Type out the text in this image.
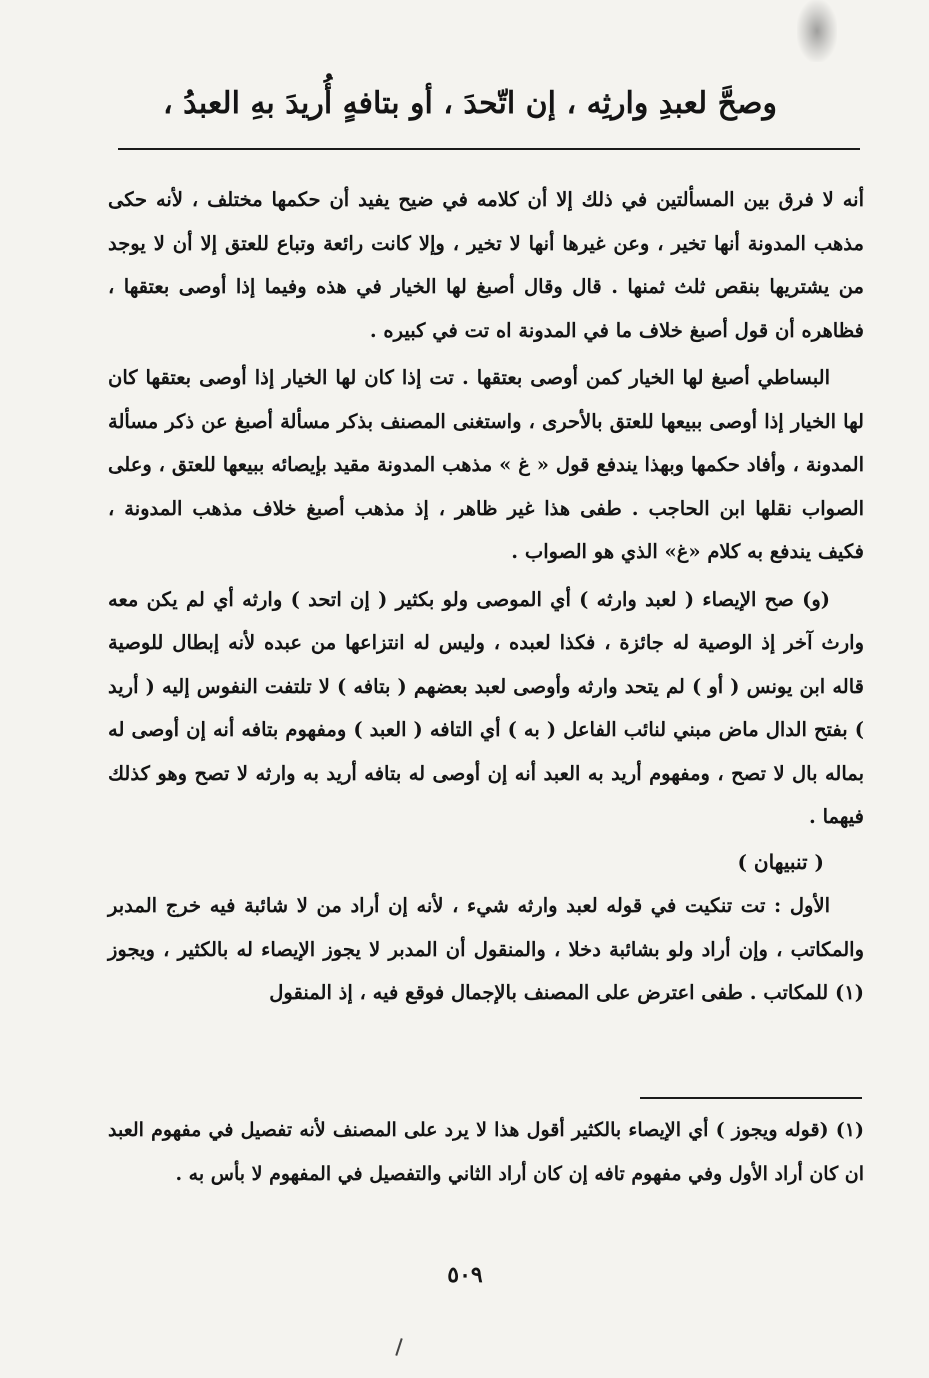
وصحَّ لعبدِ وارثِه ، إن اتّحدَ ، أو بتافهٍ أُريدَ بهِ العبدُ ،

أنه لا فرق بين المسألتين في ذلك إلا أن كلامه في ضيح يفيد أن حكمها مختلف ، لأنه حكى مذهب المدونة أنها تخير ، وعن غيرها أنها لا تخير ، وإلا كانت رائعة وتباع للعتق إلا أن لا يوجد من يشتريها بنقص ثلث ثمنها . قال وقال أصبغ لها الخيار في هذه وفيما إذا أوصى بعتقها ، فظاهره أن قول أصبغ خلاف ما في المدونة اه تت في كبيره .

البساطي أصبغ لها الخيار كمن أوصى بعتقها . تت إذا كان لها الخيار إذا أوصى بعتقها كان لها الخيار إذا أوصى ببيعها للعتق بالأحرى ، واستغنى المصنف بذكر مسألة أصبغ عن ذكر مسألة المدونة ، وأفاد حكمها وبهذا يندفع قول « غ » مذهب المدونة مقيد بإيصائه ببيعها للعتق ، وعلى الصواب نقلها ابن الحاجب . طفى هذا غير ظاهر ، إذ مذهب أصبغ خلاف مذهب المدونة ، فكيف يندفع به كلام «غ» الذي هو الصواب .

(و) صح الإيصاء ( لعبد وارثه ) أي الموصى ولو بكثير ( إن اتحد ) وارثه أي لم يكن معه وارث آخر إذ الوصية له جائزة ، فكذا لعبده ، وليس له انتزاعها من عبده لأنه إبطال للوصية قاله ابن يونس ( أو ) لم يتحد وارثه وأوصى لعبد بعضهم ( بتافه ) لا تلتفت النفوس إليه ( أريد ) بفتح الدال ماض مبني لنائب الفاعل ( به ) أي التافه ( العبد ) ومفهوم بتافه أنه إن أوصى له بماله بال لا تصح ، ومفهوم أريد به العبد أنه إن أوصى له بتافه أريد به وارثه لا تصح وهو كذلك فيهما .

( تنبيهان )

الأول : تت تنكيت في قوله لعبد وارثه شيء ، لأنه إن أراد من لا شائبة فيه خرج المدبر والمكاتب ، وإن أراد ولو بشائبة دخلا ، والمنقول أن المدبر لا يجوز الإيصاء له بالكثير ، ويجوز (١) للمكاتب . طفى اعترض على المصنف بالإجمال فوقع فيه ، إذ المنقول

(١) (قوله ويجوز ) أي الإيصاء بالكثير أقول هذا لا يرد على المصنف لأنه تفصيل في مفهوم العبد ان كان أراد الأول وفي مفهوم تافه إن كان أراد الثاني والتفصيل في المفهوم لا بأس به .
٥٠٩
